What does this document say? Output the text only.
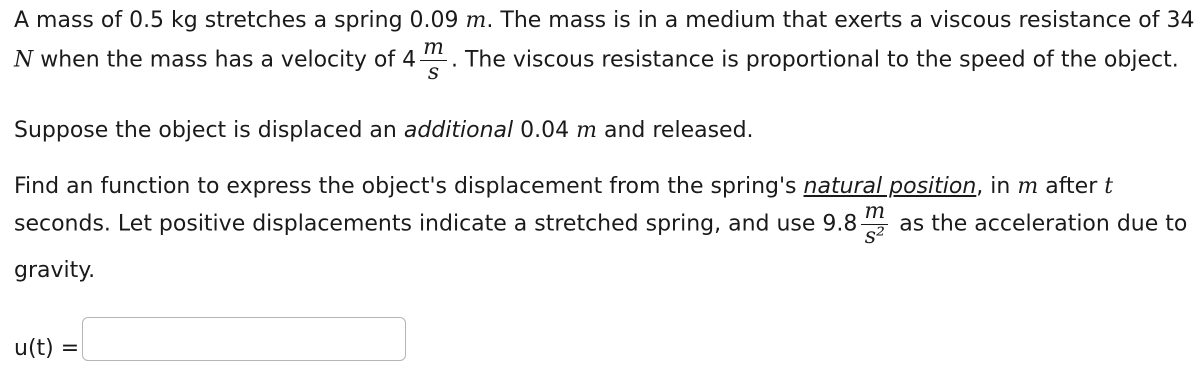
A mass of 0.5 kg stretches a spring 0.09 m. The mass is in a medium that exerts a viscous resistance of 34
N when the mass has a velocity of $4 \frac{m}{s}$ . The viscous resistance is proportional to the speed of the object.
Suppose the object is displaced an additional 0.04 m and released.
Find an function to express the object's displacement from the spring's natural position, in m after t
seconds. Let positive displacements indicate a stretched spring, and use $9.8 \frac{m}{\text{s²}}$ as the acceleration due to
gravity.
u(t) =
